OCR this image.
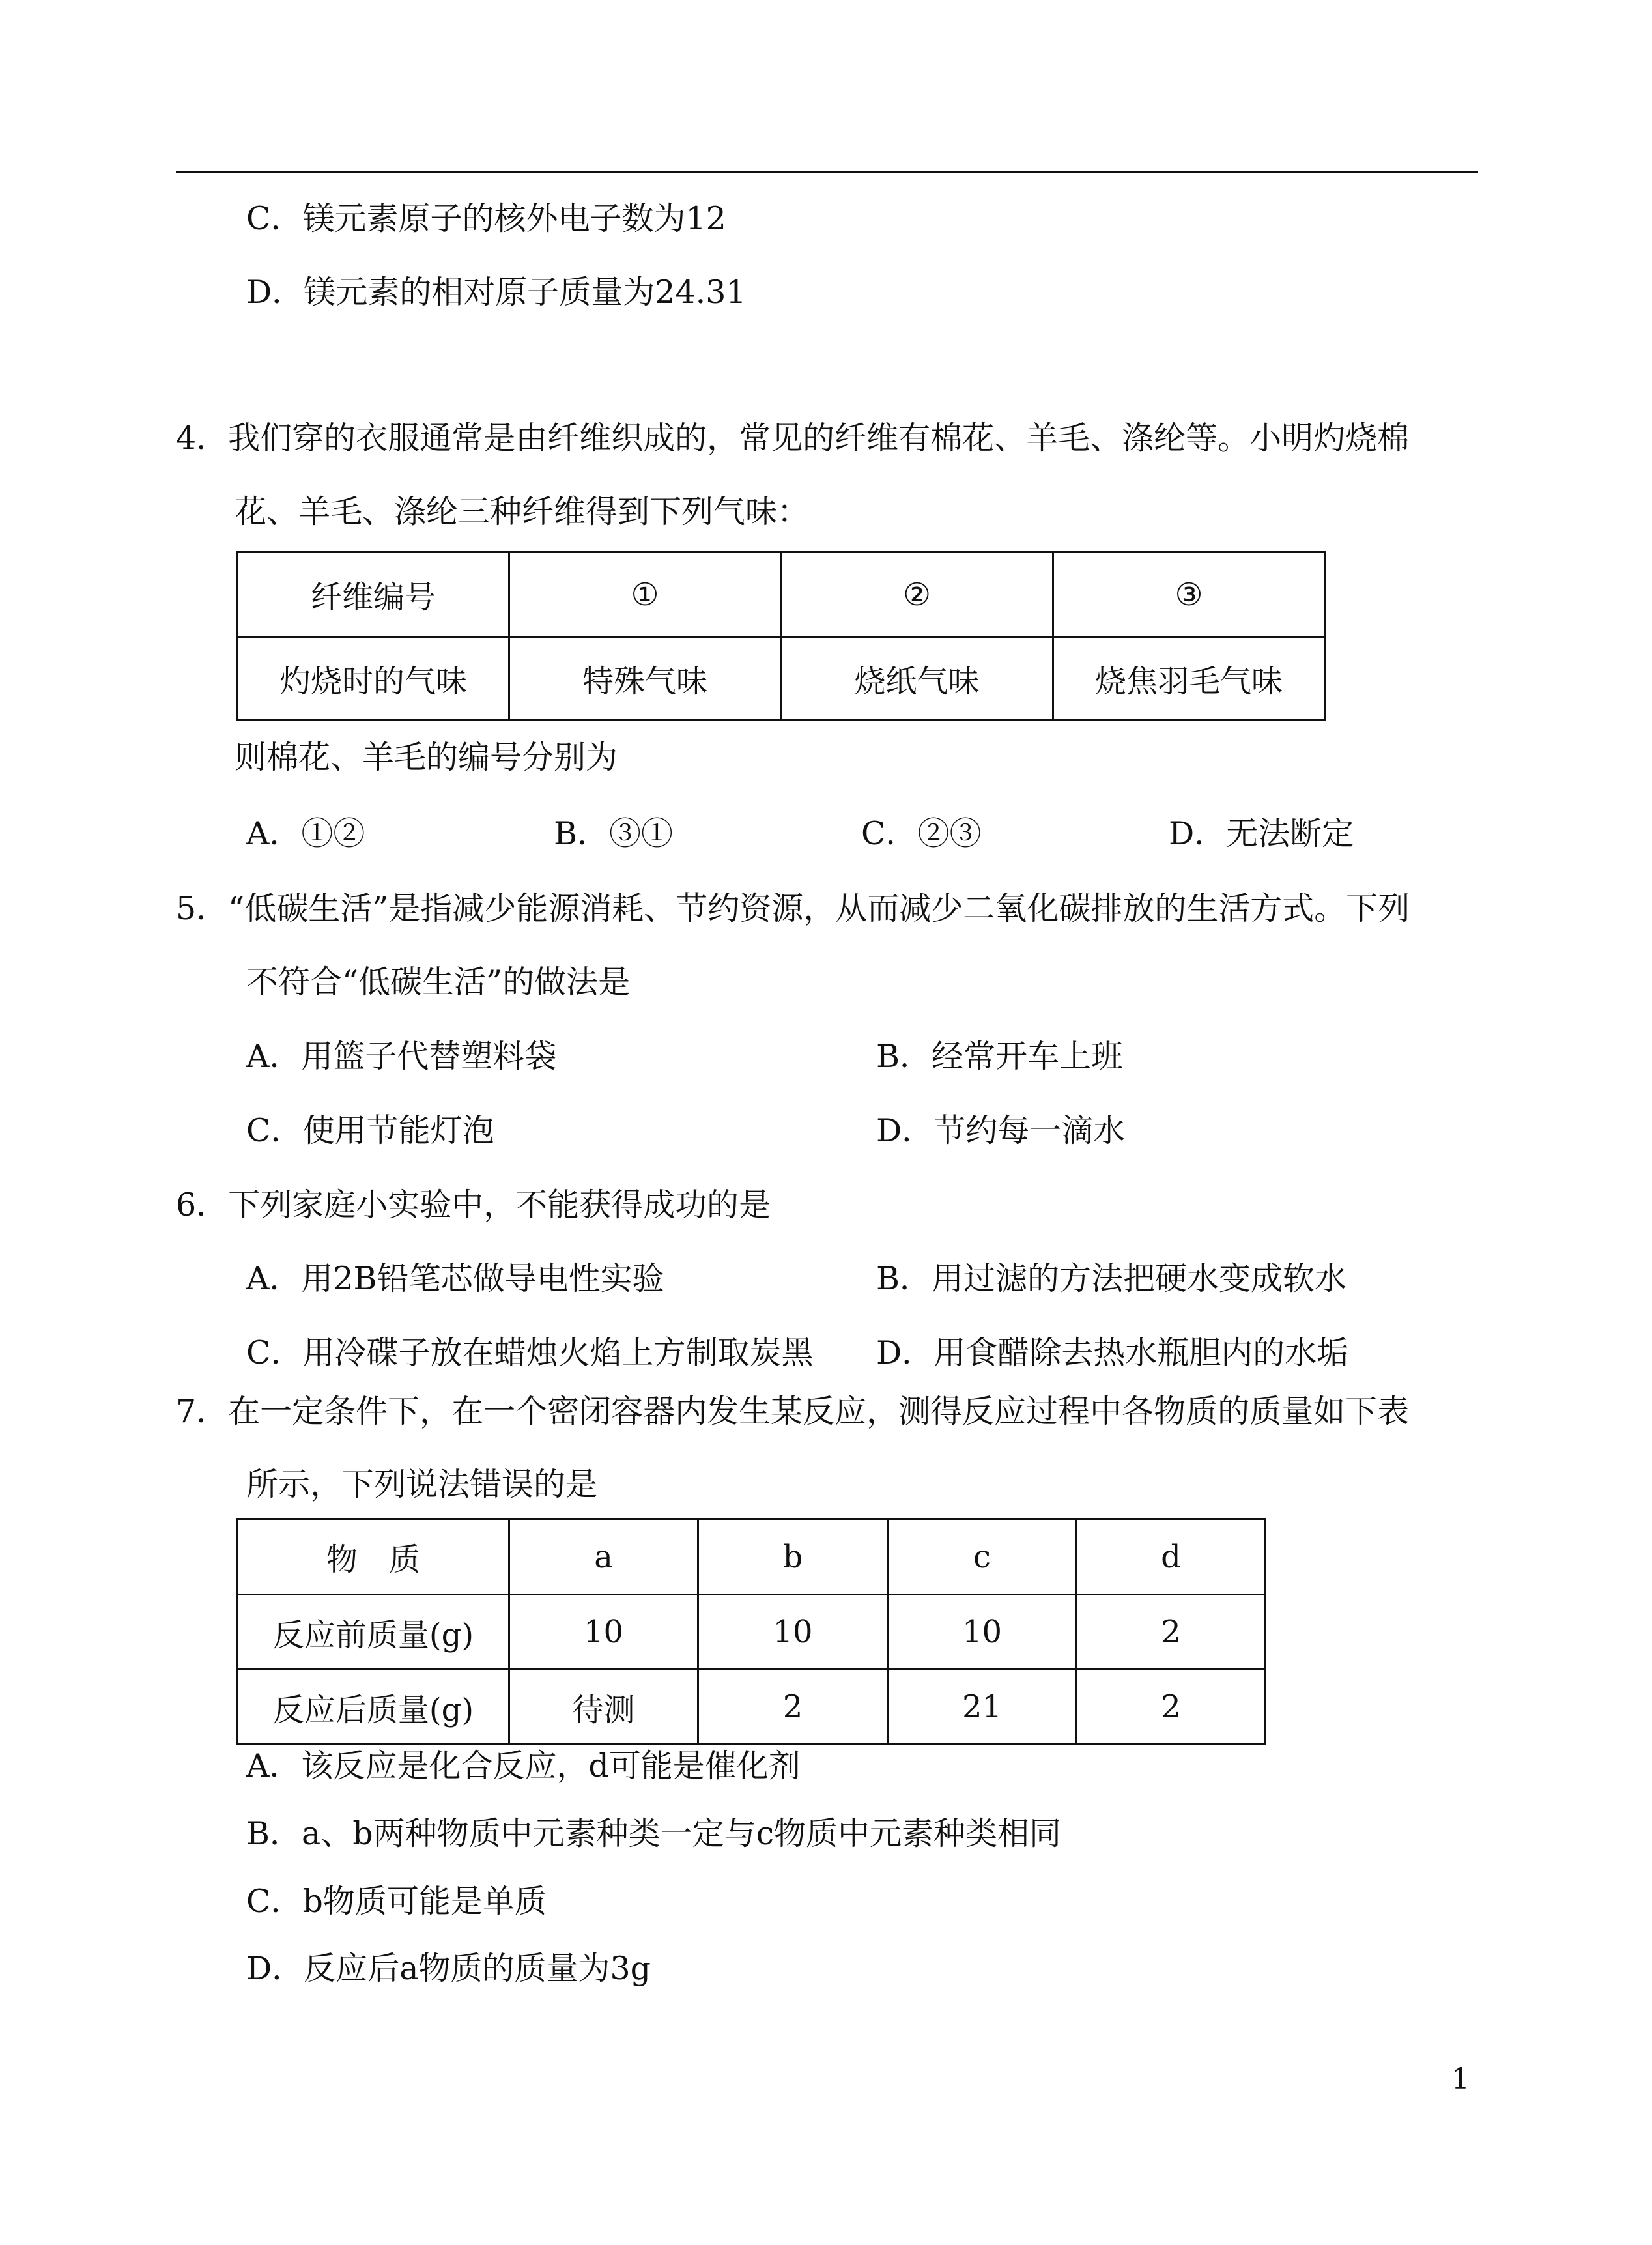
C．镁元素原子的核外电子数为12
D．镁元素的相对原子质量为24.31
4．我们穿的衣服通常是由纤维织成的，常见的纤维有棉花、羊毛、涤纶等。小明灼烧棉
花、羊毛、涤纶三种纤维得到下列气味：
纤维编号	①	②	③
灼烧时的气味	特殊气味	烧纸气味	烧焦羽毛气味
则棉花、羊毛的编号分别为
A．①②	B．③①	C．②③	D．无法断定
5．“低碳生活”是指减少能源消耗、节约资源，从而减少二氧化碳排放的生活方式。下列
不符合“低碳生活”的做法是
A．用篮子代替塑料袋	B．经常开车上班
C．使用节能灯泡	D．节约每一滴水
6．下列家庭小实验中，不能获得成功的是
A．用2B铅笔芯做导电性实验	B．用过滤的方法把硬水变成软水
C．用冷碟子放在蜡烛火焰上方制取炭黑 D．用食醋除去热水瓶胆内的水垢
7．在一定条件下，在一个密闭容器内发生某反应，测得反应过程中各物质的质量如下表
所示，下列说法错误的是
物　质	a	b	c	d
反应前质量(g)	10	10	10	2
反应后质量(g)	待测	2	21	2
A．该反应是化合反应，d可能是催化剂
B．a、b两种物质中元素种类一定与c物质中元素种类相同
C．b物质可能是单质
D．反应后a物质的质量为3g
1
